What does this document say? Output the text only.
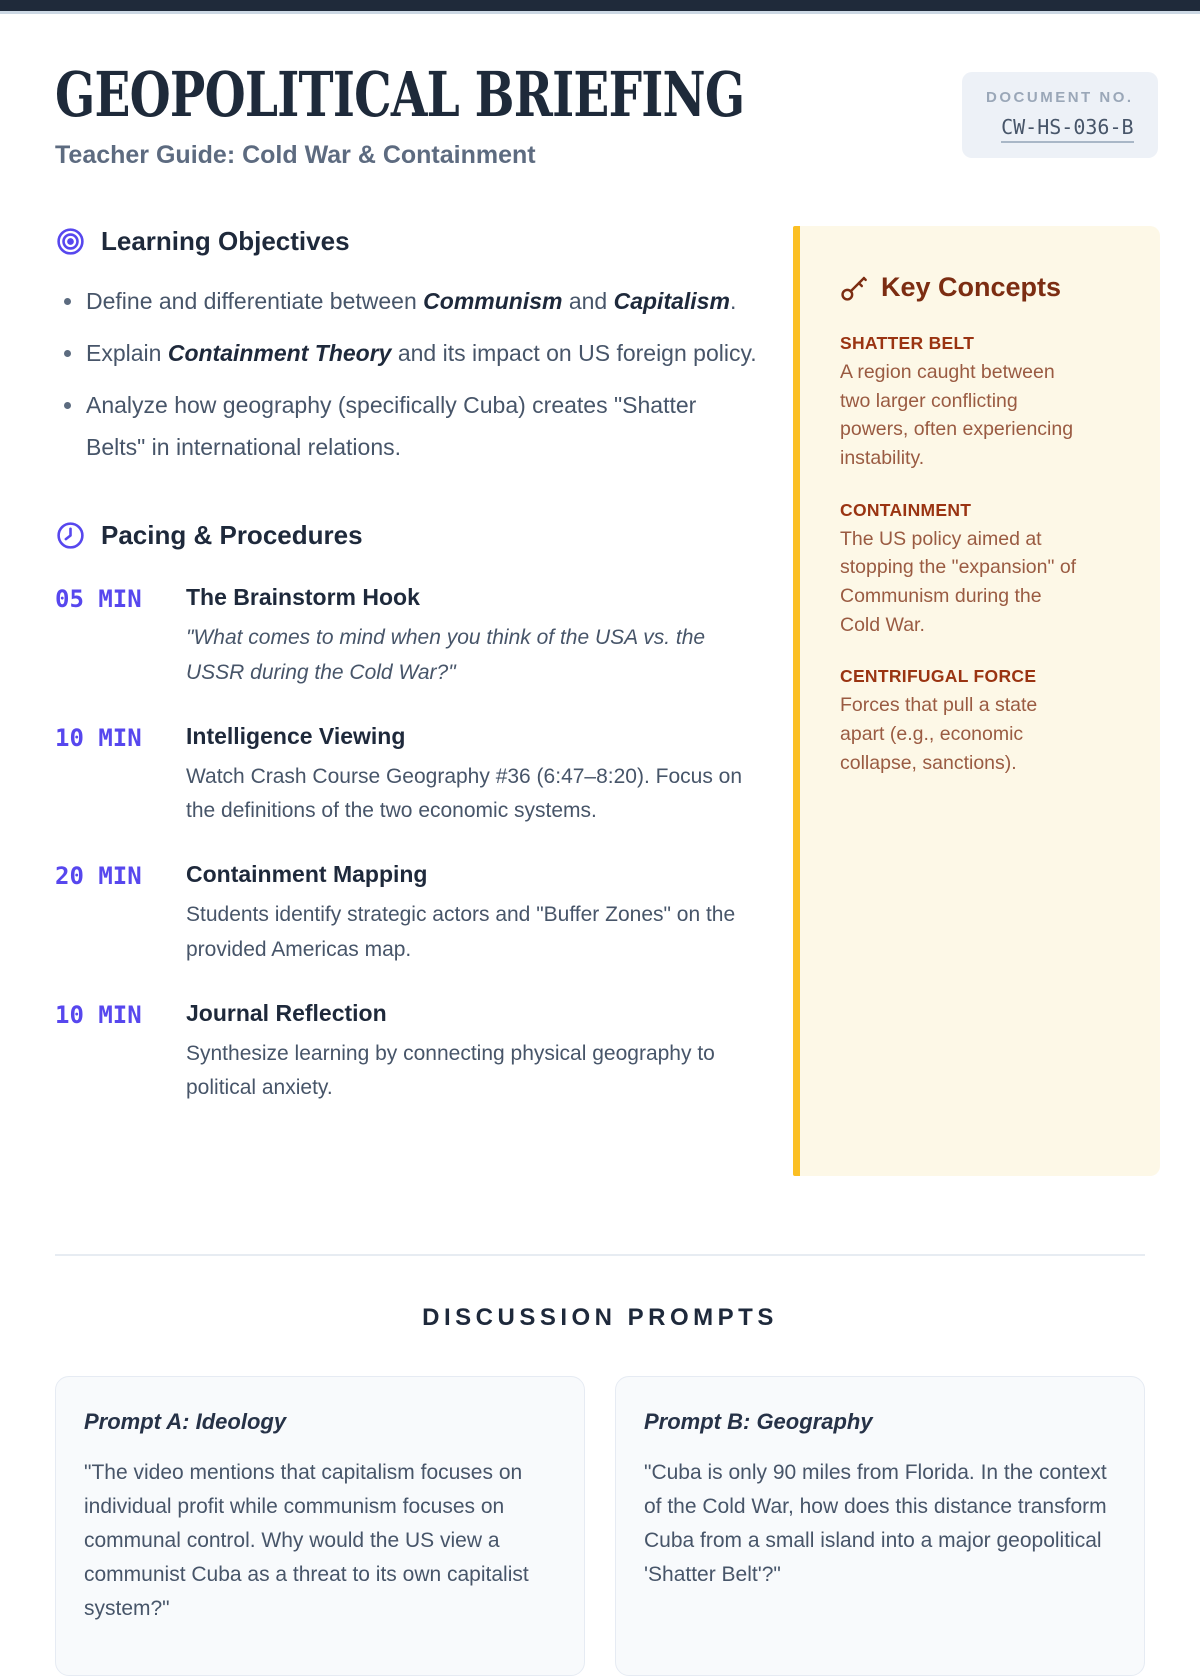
GEOPOLITICAL BRIEFING
Teacher Guide: Cold War & Containment
DOCUMENT NO.
CW-HS-036-B
Learning Objectives
Define and differentiate between Communism and Capitalism.
Explain Containment Theory and its impact on US foreign policy.
Analyze how geography (specifically Cuba) creates "Shatter Belts" in international relations.
Pacing & Procedures
05 MIN	The Brainstorm Hook
"What comes to mind when you think of the USA vs. the USSR during the Cold War?"
10 MIN	Intelligence Viewing
Watch Crash Course Geography #36 (6:47–8:20). Focus on the definitions of the two economic systems.
20 MIN	Containment Mapping
Students identify strategic actors and "Buffer Zones" on the provided Americas map.
10 MIN	Journal Reflection
Synthesize learning by connecting physical geography to political anxiety.
Key Concepts
SHATTER BELT
A region caught between two larger conflicting powers, often experiencing instability.
CONTAINMENT
The US policy aimed at stopping the "expansion" of Communism during the Cold War.
CENTRIFUGAL FORCE
Forces that pull a state apart (e.g., economic collapse, sanctions).
DISCUSSION PROMPTS
Prompt A: Ideology
"The video mentions that capitalism focuses on individual profit while communism focuses on communal control. Why would the US view a communist Cuba as a threat to its own capitalist system?"
Prompt B: Geography
"Cuba is only 90 miles from Florida. In the context of the Cold War, how does this distance transform Cuba from a small island into a major geopolitical 'Shatter Belt'?"
